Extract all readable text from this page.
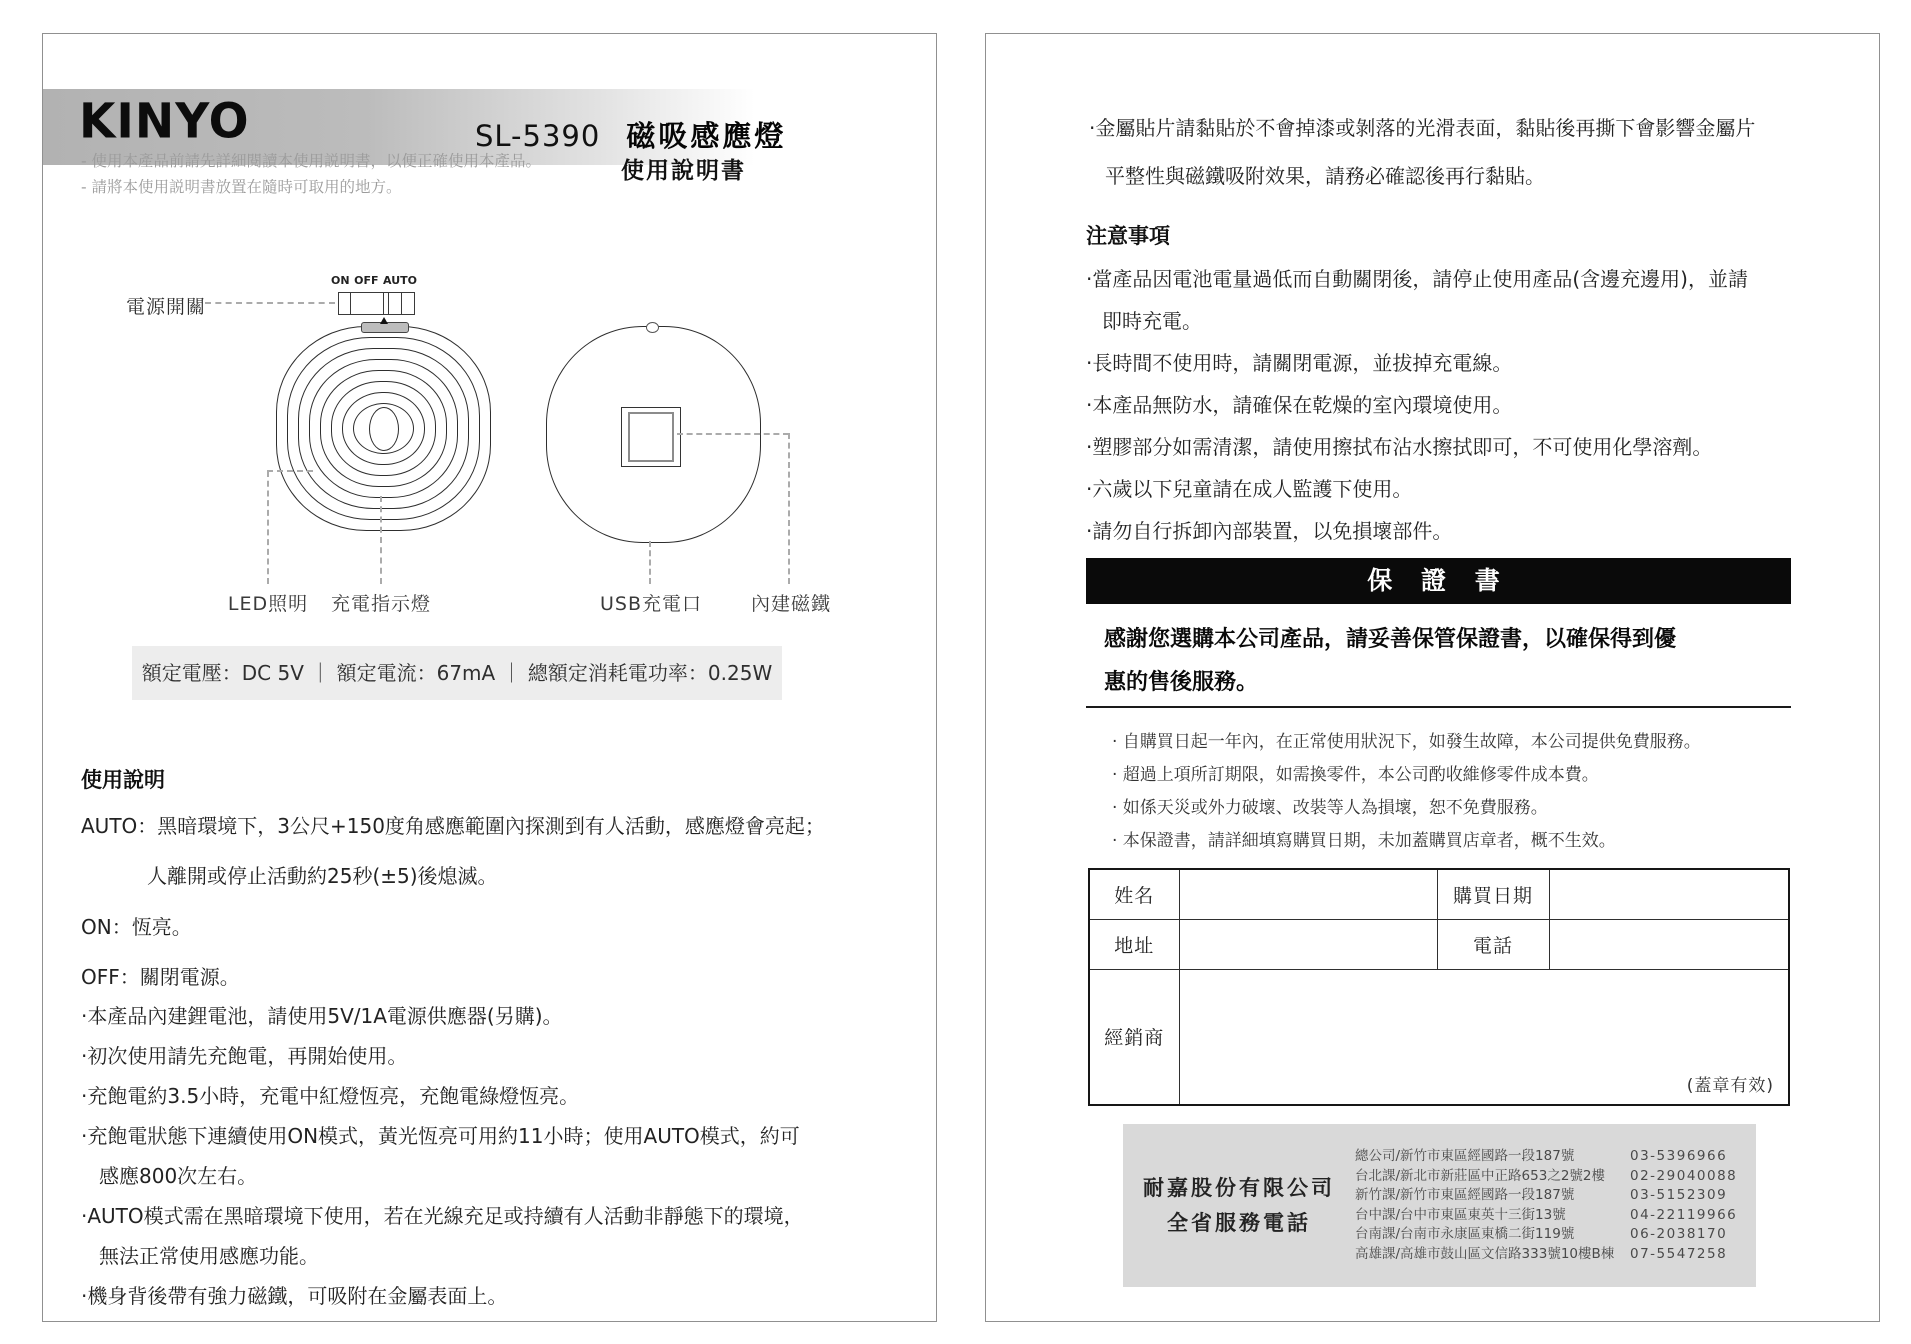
KINYO	SL-5390 磁吸感應燈
使用說明書
- 使用本產品前請先詳細閱讀本使用説明書，以便正確使用本產品。
- 請將本使用説明書放置在隨時可取用的地方。
ON OFF AUTO
電源開關
LED照明	充電指示燈	USB充電口	內建磁鐵
額定電壓：DC 5V ｜ 額定電流：67mA ｜ 總額定消耗電功率：0.25W
使用說明
AUTO：黑暗環境下，3公尺+150度角感應範圍內探測到有人活動，感應燈會亮起；
人離開或停止活動約25秒(±5)後熄滅。
ON：恆亮。
OFF：關閉電源。
·本產品內建鋰電池，請使用5V/1A電源供應器(另購)。
·初次使用請先充飽電，再開始使用。
·充飽電約3.5小時，充電中紅燈恆亮，充飽電綠燈恆亮。
·充飽電狀態下連續使用ON模式，黃光恆亮可用約11小時；使用AUTO模式，約可
感應800次左右。
·AUTO模式需在黑暗環境下使用，若在光線充足或持續有人活動非靜態下的環境，
無法正常使用感應功能。
·機身背後帶有強力磁鐵，可吸附在金屬表面上。
·金屬貼片請黏貼於不會掉漆或剝落的光滑表面，黏貼後再撕下會影響金屬片
平整性與磁鐵吸附效果，請務必確認後再行黏貼。
注意事項
·當產品因電池電量過低而自動關閉後，請停止使用產品(含邊充邊用)，並請
即時充電。
·長時間不使用時，請關閉電源，並拔掉充電線。
·本產品無防水，請確保在乾燥的室內環境使用。
·塑膠部分如需清潔，請使用擦拭布沾水擦拭即可，不可使用化學溶劑。
·六歲以下兒童請在成人監護下使用。
·請勿自行拆卸內部裝置，以免損壞部件。
保 證 書
感謝您選購本公司產品，請妥善保管保證書，以確保得到優
惠的售後服務。
· 自購買日起一年內，在正常使用狀況下，如發生故障，本公司提供免費服務。
· 超過上項所訂期限，如需換零件，本公司酌收維修零件成本費。
· 如係天災或外力破壞、改裝等人為損壞，恕不免費服務。
· 本保證書，請詳細填寫購買日期，未加蓋購買店章者，概不生效。
姓名		購買日期	
地址		電話	
經銷商	(蓋章有效)		
耐嘉股份有限公司
全省服務電話
總公司/新竹市東區經國路一段187號	03-5396966
台北課/新北市新莊區中正路653之2號2樓	02-29040088
新竹課/新竹市東區經國路一段187號	03-5152309
台中課/台中市東區東英十三街13號	04-22119966
台南課/台南市永康區東橋二街119號	06-2038170
高雄課/高雄市鼓山區文信路333號10樓B棟	07-5547258
